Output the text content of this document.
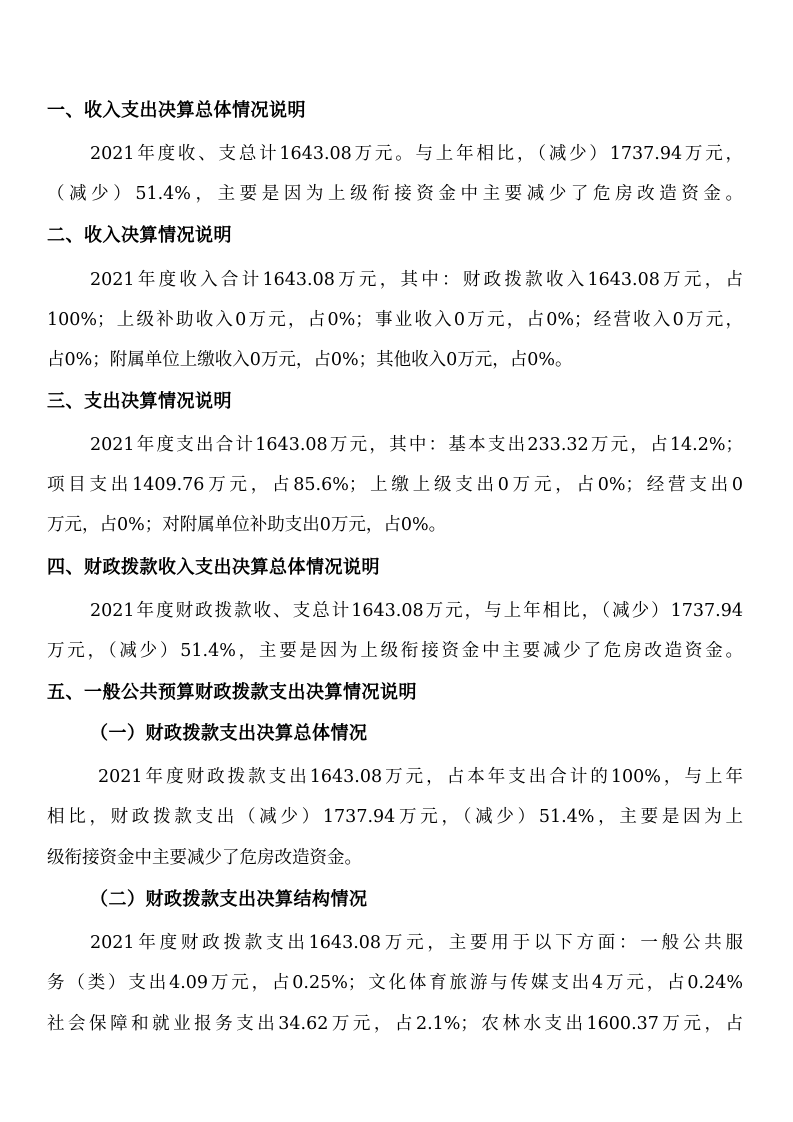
一、收入支出决算总体情况说明

2021年度收、支总计1643.08万元。与上年相比，（减少）1737.94万元，

（减少）51.4%，主要是因为上级衔接资金中主要减少了危房改造资金。

二、收入决算情况说明

2021年度收入合计1643.08万元，其中：财政拨款收入1643.08万元，占

100%；上级补助收入0万元，占0%；事业收入0万元，占0%；经营收入0万元，

占0%；附属单位上缴收入0万元，占0%；其他收入0万元，占0%。

三、支出决算情况说明

2021年度支出合计1643.08万元，其中：基本支出233.32万元，占14.2%；

项目支出1409.76万元，占85.6%；上缴上级支出0万元，占0%；经营支出0

万元，占0%；对附属单位补助支出0万元，占0%。

四、财政拨款收入支出决算总体情况说明

2021年度财政拨款收、支总计1643.08万元，与上年相比，（减少）1737.94

万元，（减少）51.4%，主要是因为上级衔接资金中主要减少了危房改造资金。

五、一般公共预算财政拨款支出决算情况说明
（一）财政拨款支出决算总体情况

2021年度财政拨款支出1643.08万元，占本年支出合计的100%，与上年

相比，财政拨款支出（减少）1737.94万元，（减少）51.4%，主要是因为上

级衔接资金中主要减少了危房改造资金。

（二）财政拨款支出决算结构情况

2021年度财政拨款支出1643.08万元，主要用于以下方面：一般公共服

务（类）支出4.09万元，占0.25%；文化体育旅游与传媒支出4万元，占0.24%

社会保障和就业报务支出34.62万元，占2.1%；农林水支出1600.37万元，占
